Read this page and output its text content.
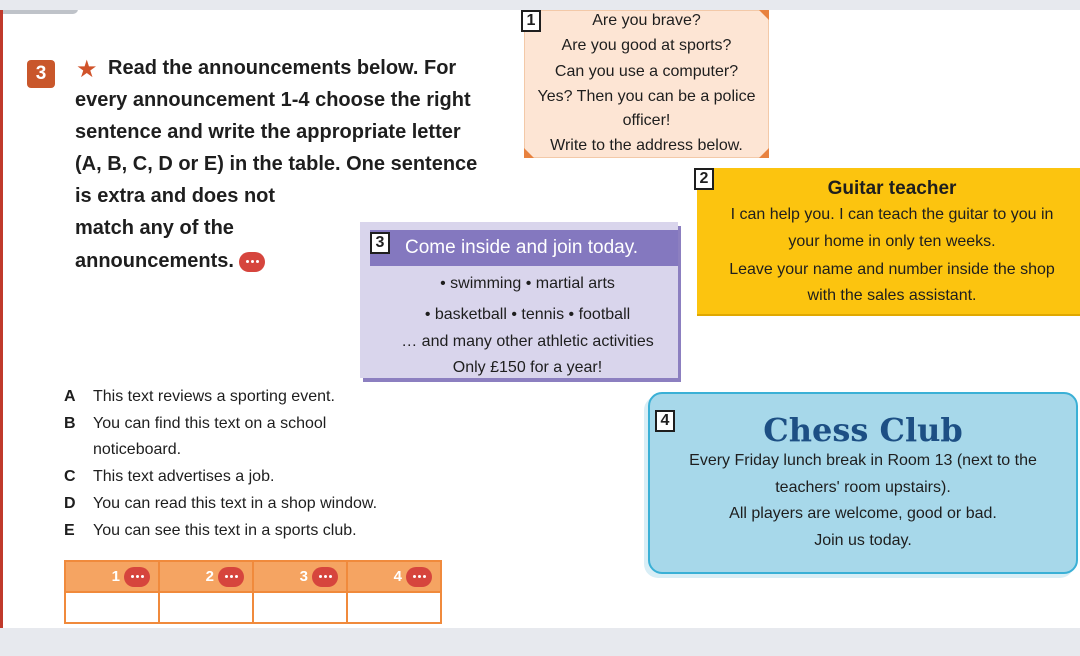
3	★ Read the announcements below. For
every announcement 1-4 choose the right
sentence and write the appropriate letter
(A, B, C, D or E) in the table. One sentence
is extra and does not
match any of the
announcements.
1	Are you brave?
Are you good at sports?
Can you use a computer?
Yes? Then you can be a police
officer!
Write to the address below.
2	Guitar teacher
I can help you. I can teach the guitar to you in
your home in only ten weeks.
Leave your name and number inside the shop
with the sales assistant.
3 Come inside and join today.
• swimming • martial arts
• basketball • tennis • football
… and many other athletic activities
Only £150 for a year!
4	Chess Club
Every Friday lunch break in Room 13 (next to the
teachers' room upstairs).
All players are welcome, good or bad.
Join us today.
A This text reviews a sporting event.
B You can find this text on a school
noticeboard.
C This text advertises a job.
D You can read this text in a shop window.
E You can see this text in a sports club.
1	2	3	4
